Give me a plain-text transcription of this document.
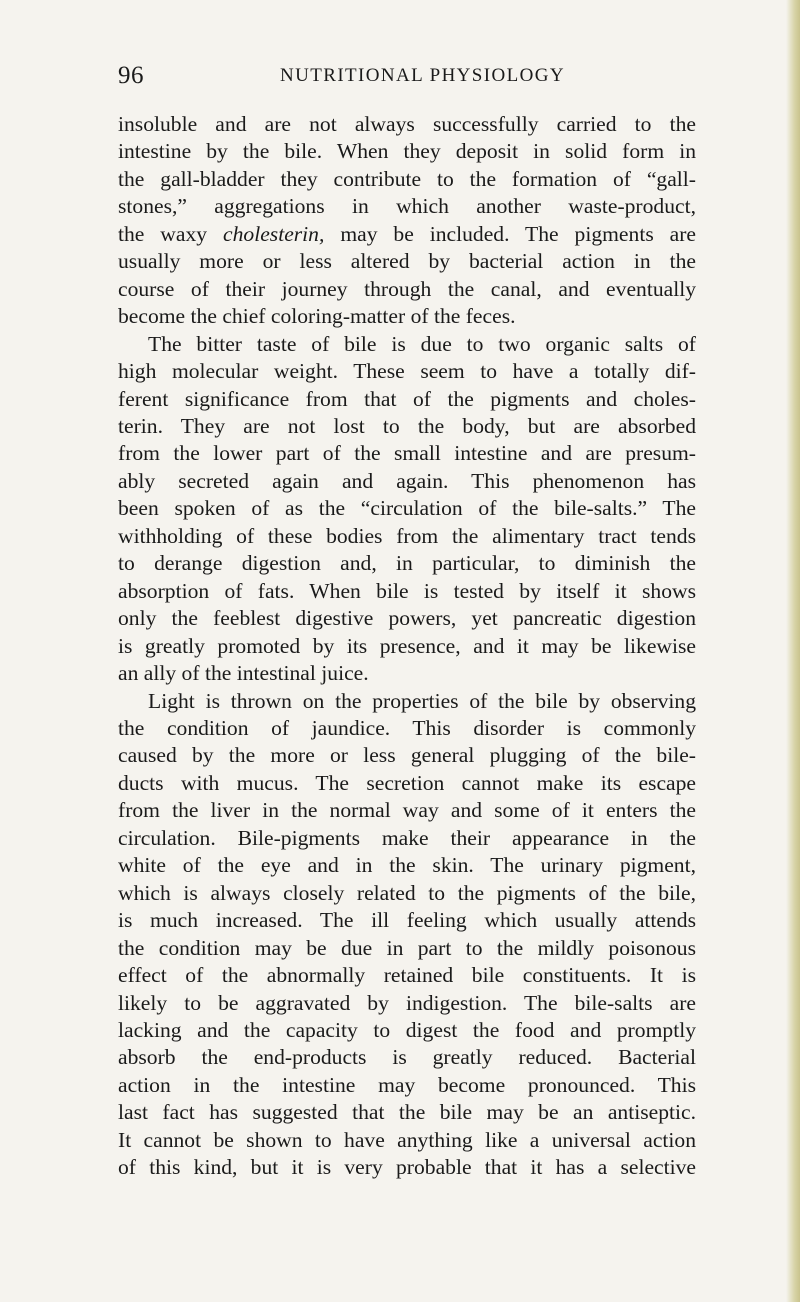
96	NUTRITIONAL PHYSIOLOGY
insoluble and are not always successfully carried to the
intestine by the bile. When they deposit in solid form in
the gall-bladder they contribute to the formation of “gall-
stones,” aggregations in which another waste-product,
the waxy cholesterin, may be included. The pigments are
usually more or less altered by bacterial action in the
course of their journey through the canal, and eventually
become the chief coloring-matter of the feces.
The bitter taste of bile is due to two organic salts of
high molecular weight. These seem to have a totally dif-
ferent significance from that of the pigments and choles-
terin. They are not lost to the body, but are absorbed
from the lower part of the small intestine and are presum-
ably secreted again and again. This phenomenon has
been spoken of as the “circulation of the bile-salts.” The
withholding of these bodies from the alimentary tract tends
to derange digestion and, in particular, to diminish the
absorption of fats. When bile is tested by itself it shows
only the feeblest digestive powers, yet pancreatic digestion
is greatly promoted by its presence, and it may be likewise
an ally of the intestinal juice.
Light is thrown on the properties of the bile by observing
the condition of jaundice. This disorder is commonly
caused by the more or less general plugging of the bile-
ducts with mucus. The secretion cannot make its escape
from the liver in the normal way and some of it enters the
circulation. Bile-pigments make their appearance in the
white of the eye and in the skin. The urinary pigment,
which is always closely related to the pigments of the bile,
is much increased. The ill feeling which usually attends
the condition may be due in part to the mildly poisonous
effect of the abnormally retained bile constituents. It is
likely to be aggravated by indigestion. The bile-salts are
lacking and the capacity to digest the food and promptly
absorb the end-products is greatly reduced. Bacterial
action in the intestine may become pronounced. This
last fact has suggested that the bile may be an antiseptic.
It cannot be shown to have anything like a universal action
of this kind, but it is very probable that it has a selective
